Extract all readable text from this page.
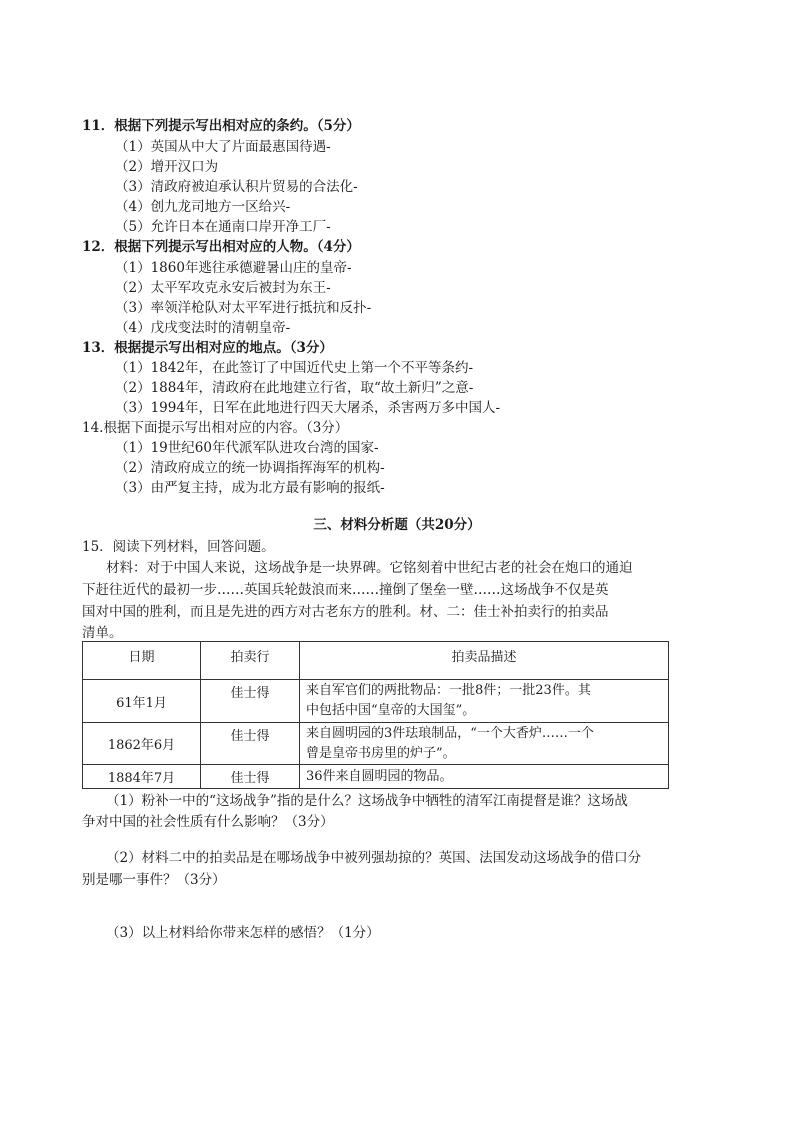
11．根据下列提示写出相对应的条约。（5分）
（1）英国从中大了片面最惠国待遇-
（2）增开汉口为
（3）清政府被迫承认积片贸易的合法化-
（4）创九龙司地方一区给兴-
（5）允许日本在通南口岸开净工厂-
12．根据下列提示写出相对应的人物。（4分）
（1）1860年逃往承德避暑山庄的皇帝-
（2）太平军攻克永安后被封为东王-
（3）率领洋枪队对太平军进行抵抗和反扑-
（4）戊戌变法时的清朝皇帝-
13．根据提示写出相对应的地点。（3分）
（1）1842年，在此签订了中国近代史上第一个不平等条约-
（2）1884年，清政府在此地建立行省，取“故土新归”之意-
（3）1994年，日军在此地进行四天大屠杀，杀害两万多中国人-
14.根据下面提示写出相对应的内容。（3分）
（1）19世纪60年代派军队进攻台湾的国家-
（2）清政府成立的统一协调指挥海军的机构-
（3）由严复主持，成为北方最有影响的报纸-
三、材料分析题（共20分）
15．阅读下列材料，回答问题。
材料：对于中国人来说，这场战争是一块界碑。它铭刻着中世纪古老的社会在炮口的通迫
下赶往近代的最初一步……英国兵轮鼓浪而来……撞倒了堡垒一壁……这场战争不仅是英
国对中国的胜利，而且是先进的西方对古老东方的胜利。材、二：佳士补拍卖行的拍卖品
清单。
日期	拍卖行	拍卖品描述
61年1月	佳士得	来自军官们的两批物品：一批8件；一批23件。其
中包括中国“皇帝的大国玺”。

1862年6月	佳士得	来自圆明园的3件珐琅制品，“一个大香炉……一个
曾是皇帝书房里的炉子”。

1884年7月	佳士得	36件来自圆明园的物品。
（1）粉补一中的“这场战争”指的是什么？这场战争中牺牲的清军江南提督是谁？这场战
争对中国的社会性质有什么影响？（3分）
（2）材料二中的拍卖品是在哪场战争中被列强劫掠的？英国、法国发动这场战争的借口分
别是哪一事件？（3分）
（3）以上材料给你带来怎样的感悟？（1分）
